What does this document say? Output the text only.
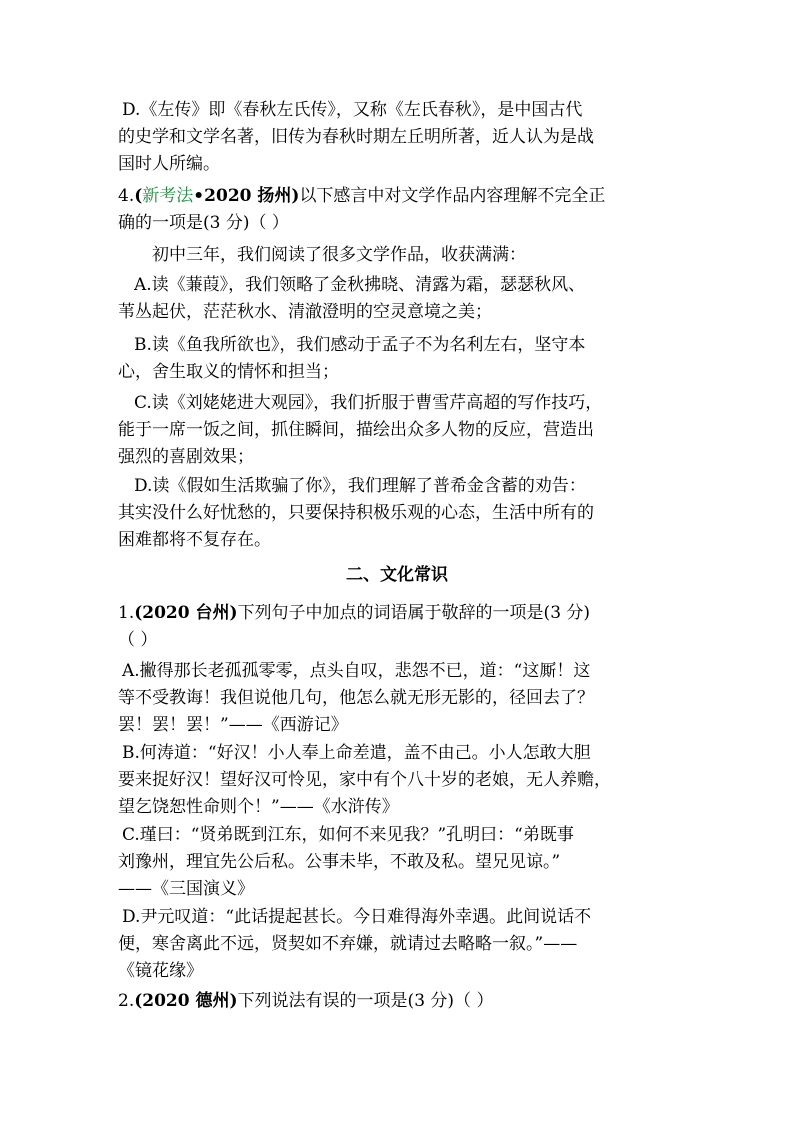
D.《左传》即《春秋左氏传》，又称《左氏春秋》，是中国古代
的史学和文学名著，旧传为春秋时期左丘明所著，近人认为是战
国时人所编。

4.(新考法•2020 扬州)以下感言中对文学作品内容理解不完全正
确的一项是(3 分)（ ）

初中三年，我们阅读了很多文学作品，收获满满：

A.读《蒹葭》，我们领略了金秋拂晓、清露为霜，瑟瑟秋风、
苇丛起伏，茫茫秋水、清澈澄明的空灵意境之美；

B.读《鱼我所欲也》，我们感动于孟子不为名利左右，坚守本
心，舍生取义的情怀和担当；

C.读《刘姥姥进大观园》，我们折服于曹雪芹高超的写作技巧，
能于一席一饭之间，抓住瞬间，描绘出众多人物的反应，营造出
强烈的喜剧效果；

D.读《假如生活欺骗了你》，我们理解了普希金含蓄的劝告：
其实没什么好忧愁的，只要保持积极乐观的心态，生活中所有的
困难都将不复存在。

二、文化常识

1.(2020 台州)下列句子中加点的词语属于敬辞的一项是(3 分)
（ ）

A.撇得那长老孤孤零零，点头自叹，悲怨不已，道：“这厮！这
等不受教诲！我但说他几句，他怎么就无形无影的，径回去了？
罢！罢！罢！”——《西游记》

B.何涛道：“好汉！小人奉上命差遣，盖不由己。小人怎敢大胆
要来捉好汉！望好汉可怜见，家中有个八十岁的老娘，无人养赡，
望乞饶恕性命则个！”——《水浒传》

C.瑾曰：“贤弟既到江东，如何不来见我？”孔明曰：“弟既事
刘豫州，理宜先公后私。公事未毕，不敢及私。望兄见谅。”
——《三国演义》

D.尹元叹道：“此话提起甚长。今日难得海外幸遇。此间说话不
便，寒舍离此不远，贤契如不弃嫌，就请过去略略一叙。”——
《镜花缘》

2.(2020 德州)下列说法有误的一项是(3 分)（ ）
